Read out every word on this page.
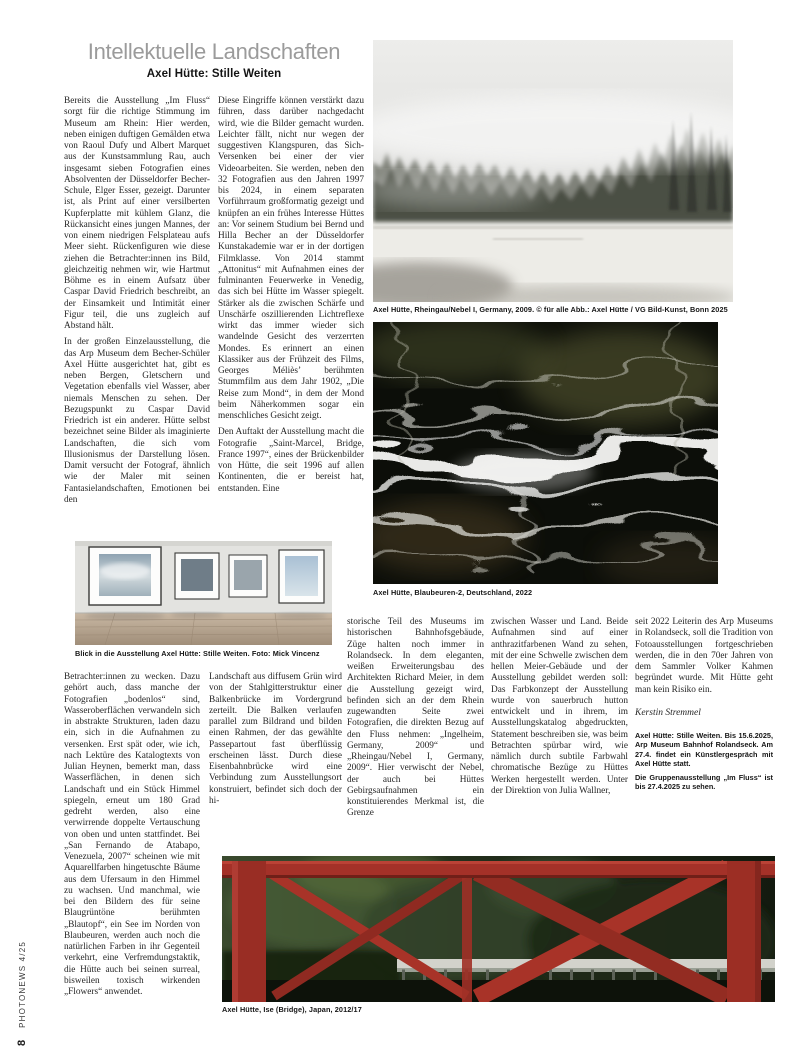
8
PHOTONEWS 4/25
Intellektuelle Landschaften
Axel Hütte: Stille Weiten

Bereits die Ausstellung „Im Fluss“ sorgt für die richtige Stimmung im Museum am Rhein: Hier werden, neben einigen duftigen Gemälden etwa von Raoul Dufy und Albert Marquet aus der Kunstsammlung Rau, auch insgesamt sieben Fotografien eines Absolventen der Düsseldorfer Becher-Schule, Elger Esser, gezeigt. Darunter ist, als Print auf einer versilberten Kupferplatte mit kühlem Glanz, die Rückansicht eines jungen Mannes, der von einem niedrigen Felsplateau aufs Meer sieht. Rückenfiguren wie diese ziehen die Betrachter:innen ins Bild, gleichzeitig nehmen wir, wie Hartmut Böhme es in einem Aufsatz über Caspar David Friedrich beschreibt, an der Einsamkeit und Intimität einer Figur teil, die uns zugleich auf Abstand hält.

In der großen Einzelausstellung, die das Arp Museum dem Becher-Schüler Axel Hütte ausgerichtet hat, gibt es neben Bergen, Gletschern und Vegetation ebenfalls viel Wasser, aber niemals Menschen zu sehen. Der Bezugspunkt zu Caspar David Friedrich ist ein anderer. Hütte selbst bezeichnet seine Bilder als imaginierte Landschaften, die sich vom Illusionismus der Darstellung lösen. Damit versucht der Fotograf, ähnlich wie der Maler mit seinen Fantasielandschaften, Emotionen bei den

Diese Eingriffe können verstärkt dazu führen, dass darüber nachgedacht wird, wie die Bilder gemacht wurden. Leichter fällt, nicht nur wegen der suggestiven Klangspuren, das Sich-Versenken bei einer der vier Videoarbeiten. Sie werden, neben den 32 Fotografien aus den Jahren 1997 bis 2024, in einem separaten Vorführraum großformatig gezeigt und knüpfen an ein frühes Interesse Hüttes an: Vor seinem Studium bei Bernd und Hilla Becher an der Düsseldorfer Kunstakademie war er in der dortigen Filmklasse. Von 2014 stammt „Attonitus“ mit Aufnahmen eines der fulminanten Feuerwerke in Venedig, das sich bei Hütte im Wasser spiegelt. Stärker als die zwischen Schärfe und Unschärfe oszillierenden Lichtreflexe wirkt das immer wieder sich wandelnde Gesicht des verzerrten Mondes. Es erinnert an einen Klassiker aus der Frühzeit des Films, Georges Méliès’ berühmten Stummfilm aus dem Jahr 1902, „Die Reise zum Mond“, in dem der Mond beim Näherkommen sogar ein menschliches Gesicht zeigt.

Den Auftakt der Ausstellung macht die Fotografie „Saint-Marcel, Bridge, France 1997“, eines der Brückenbilder von Hütte, die seit 1996 auf allen Kontinenten, die er bereist hat, entstanden. Eine

Axel Hütte, Rheingau/Nebel I, Germany, 2009. © für alle Abb.: Axel Hütte / VG Bild-Kunst, Bonn 2025
Axel Hütte, Blaubeuren-2, Deutschland, 2022
Blick in die Ausstellung Axel Hütte: Stille Weiten. Foto: Mick Vincenz

Betrachter:innen zu wecken. Dazu gehört auch, dass manche der Fotografien „bodenlos“ sind, Wasseroberflächen verwandeln sich in abstrakte Strukturen, laden dazu ein, sich in die Aufnahmen zu versenken. Erst spät oder, wie ich, nach Lektüre des Katalogtexts von Julian Heynen, bemerkt man, dass Wasserflächen, in denen sich Landschaft und ein Stück Himmel spiegeln, erneut um 180 Grad gedreht werden, also eine verwirrende doppelte Vertauschung von oben und unten stattfindet. Bei „San Fernando de Atabapo, Venezuela, 2007“ scheinen wie mit Aquarellfarben hingetuschte Bäume aus dem Ufersaum in den Himmel zu wachsen. Und manchmal, wie bei den Bildern des für seine Blaugrüntöne berühmten „Blautopf“, ein See im Norden von Blaubeuren, werden auch noch die natürlichen Farben in ihr Gegenteil verkehrt, eine Verfremdungstaktik, die Hütte auch bei seinen surreal, bisweilen toxisch wirkenden „Flowers“ anwendet.

Landschaft aus diffusem Grün wird von der Stahlgitterstruktur einer Balkenbrücke im Vordergrund zerteilt. Die Balken verlaufen parallel zum Bildrand und bilden einen Rahmen, der das gewählte Passepartout fast überflüssig erscheinen lässt. Durch diese Eisenbahnbrücke wird eine Verbindung zum Ausstellungsort konstruiert, befindet sich doch der hi-

storische Teil des Museums im historischen Bahnhofsgebäude, Züge halten noch immer in Rolandseck. In dem eleganten, weißen Erweiterungsbau des Architekten Richard Meier, in dem die Ausstellung gezeigt wird, befinden sich an der dem Rhein zugewandten Seite zwei Fotografien, die direkten Bezug auf den Fluss nehmen: „Ingelheim, Germany, 2009“ und „Rheingau/Nebel I, Germany, 2009“. Hier verwischt der Nebel, der auch bei Hüttes Gebirgsaufnahmen ein konstituierendes Merkmal ist, die Grenze

zwischen Wasser und Land. Beide Aufnahmen sind auf einer anthrazitfarbenen Wand zu sehen, mit der eine Schwelle zwischen dem hellen Meier-Gebäude und der Ausstellung gebildet werden soll: Das Farbkonzept der Ausstellung wurde von sauerbruch hutton entwickelt und in ihrem, im Ausstellungskatalog abgedruckten, Statement beschreiben sie, was beim Betrachten spürbar wird, wie nämlich durch subtile Farbwahl chromatische Bezüge zu Hüttes Werken hergestellt werden. Unter der Direktion von Julia Wallner,

seit 2022 Leiterin des Arp Museums in Rolandseck, soll die Tradition von Fotoausstellungen fortgeschrieben werden, die in den 70er Jahren von dem Sammler Volker Kahmen begründet wurde. Mit Hütte geht man kein Risiko ein.

Kerstin Stremmel

Axel Hütte: Stille Weiten. Bis 15.6.2025, Arp Museum Bahnhof Rolandseck. Am 27.4. findet ein Künstlergespräch mit Axel Hütte statt.

Die Gruppenausstellung „Im Fluss“ ist bis 27.4.2025 zu sehen.

Axel Hütte, Ise (Bridge), Japan, 2012/17
